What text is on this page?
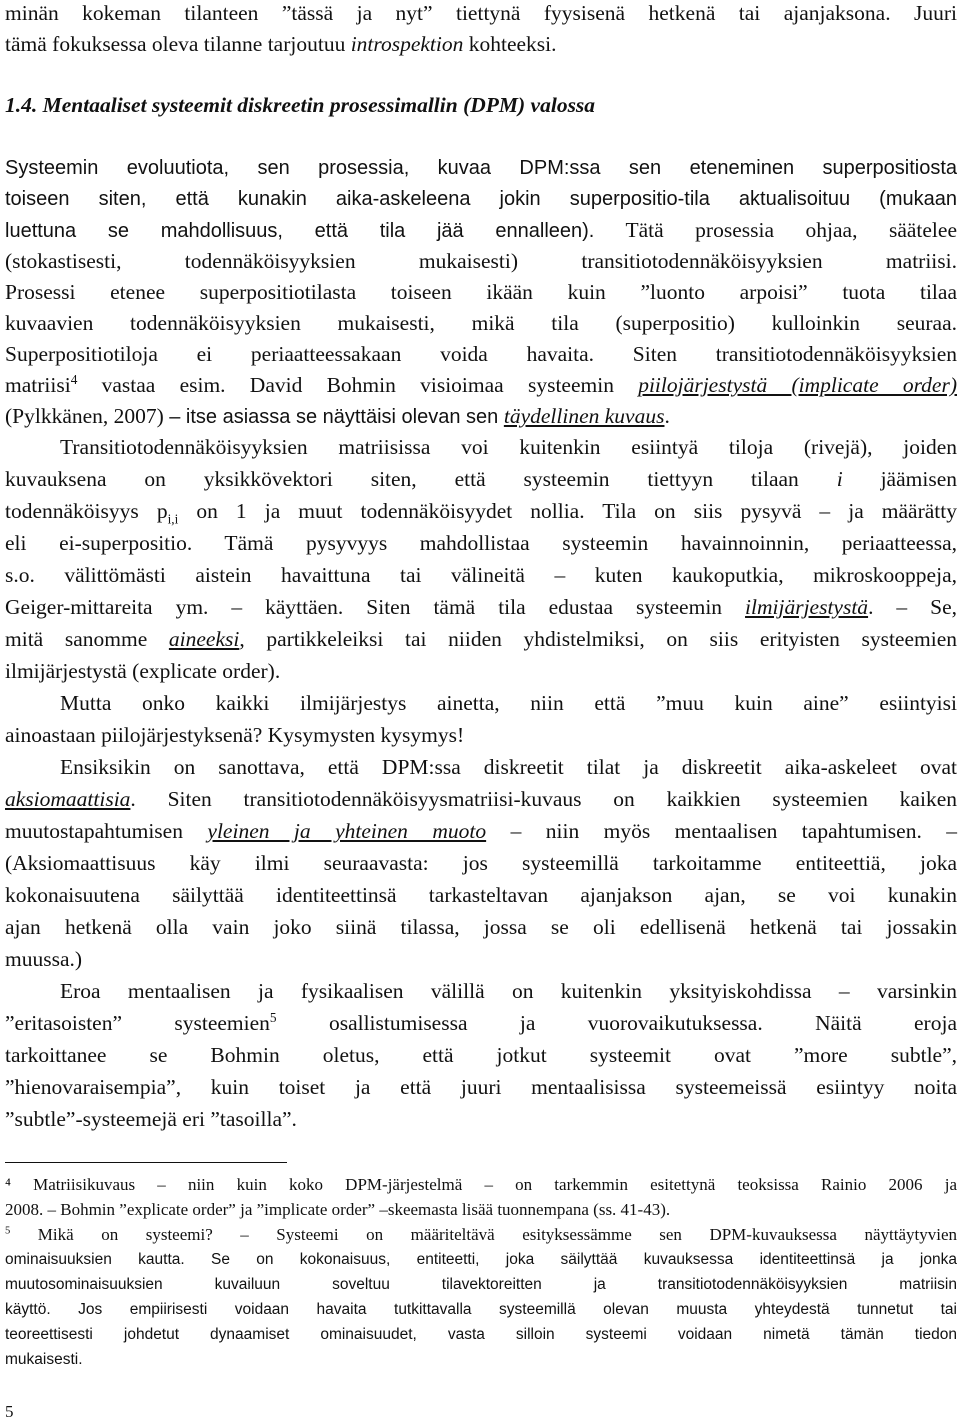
minän kokeman tilanteen ”tässä ja nyt” tiettynä fyysisenä hetkenä tai ajanjaksona. Juuri
tämä fokuksessa oleva tilanne tarjoutuu introspektion kohteeksi.
1.4. Mentaaliset systeemit diskreetin prosessimallin (DPM) valossa
Systeemin evoluutiota, sen prosessia, kuvaa DPM:ssa sen eteneminen superpositiosta
toiseen siten, että kunakin aika-askeleena jokin superpositio-tila aktualisoituu (mukaan
luettuna se mahdollisuus, että tila jää ennalleen). Tätä prosessia ohjaa, säätelee
(stokastisesti, todennäköisyyksien mukaisesti) transitiotodennäköisyyksien matriisi.
Prosessi etenee superpositiotilasta toiseen ikään kuin ”luonto arpoisi” tuota tilaa
kuvaavien todennäköisyyksien mukaisesti, mikä tila (superpositio) kulloinkin seuraa.
Superpositiotiloja ei periaatteessakaan voida havaita. Siten transitiotodennäköisyyksien
matriisi$^4$ vastaa esim. David Bohmin visioimaa systeemin piilojärjestystä (implicate order)
(Pylkkänen, 2007) – itse asiassa se näyttäisi olevan sen täydellinen kuvaus.
Transitiotodennäköisyyksien matriisissa voi kuitenkin esiintyä tiloja (rivejä), joiden
kuvauksena on yksikkövektori siten, että systeemin tiettyyn tilaan i jäämisen
todennäköisyys $p_{i,i}$ on 1 ja muut todennäköisyydet nollia. Tila on siis pysyvä – ja määrätty
eli ei-superpositio. Tämä pysyvyys mahdollistaa systeemin havainnoinnin, periaatteessa,
s.o. välittömästi aistein havaittuna tai välineitä – kuten kaukoputkia, mikroskooppeja,
Geiger-mittareita ym. – käyttäen. Siten tämä tila edustaa systeemin ilmijärjestystä. – Se,
mitä sanomme aineeksi, partikkeleiksi tai niiden yhdistelmiksi, on siis erityisten systeemien
ilmijärjestystä (explicate order).
Mutta onko kaikki ilmijärjestys ainetta, niin että ”muu kuin aine” esiintyisi
ainoastaan piilojärjestyksenä? Kysymysten kysymys!
Ensiksikin on sanottava, että DPM:ssa diskreetit tilat ja diskreetit aika-askeleet ovat
aksiomaattisia. Siten transitiotodennäköisyysmatriisi-kuvaus on kaikkien systeemien kaiken
muutostapahtumisen yleinen ja yhteinen muoto – niin myös mentaalisen tapahtumisen. –
(Aksiomaattisuus käy ilmi seuraavasta: jos systeemillä tarkoitamme entiteettiä, joka
kokonaisuutena säilyttää identiteettinsä tarkasteltavan ajanjakson ajan, se voi kunakin
ajan hetkenä olla vain joko siinä tilassa, jossa se oli edellisenä hetkenä tai jossakin
muussa.)
Eroa mentaalisen ja fysikaalisen välillä on kuitenkin yksityiskohdissa – varsinkin
”eritasoisten” systeemien$^5$ osallistumisessa ja vuorovaikutuksessa. Näitä eroja
tarkoittanee se Bohmin oletus, että jotkut systeemit ovat ”more subtle”,
”hienovaraisempia”, kuin toiset ja että juuri mentaalisissa systeemeissä esiintyy noita
”subtle”-systeemejä eri ”tasoilla”.
⁴ Matriisikuvaus – niin kuin koko DPM-järjestelmä – on tarkemmin esitettynä teoksissa Rainio 2006 ja
2008. – Bohmin ”explicate order” ja ”implicate order” –skeemasta lisää tuonnempana (ss. 41-43).
$^5$ Mikä on systeemi? – Systeemi on määriteltävä esityksessämme sen DPM-kuvauksessa näyttäytyvien
ominaisuuksien kautta. Se on kokonaisuus, entiteetti, joka säilyttää kuvauksessa identiteettinsä ja jonka
muutosominaisuuksien kuvailuun soveltuu tilavektoreitten ja transitiotodennäköisyyksien matriisin
käyttö. Jos empiirisesti voidaan havaita tutkittavalla systeemillä olevan muusta yhteydestä tunnetut tai
teoreettisesti johdetut dynaamiset ominaisuudet, vasta silloin systeemi voidaan nimetä tämän tiedon
mukaisesti.
5
